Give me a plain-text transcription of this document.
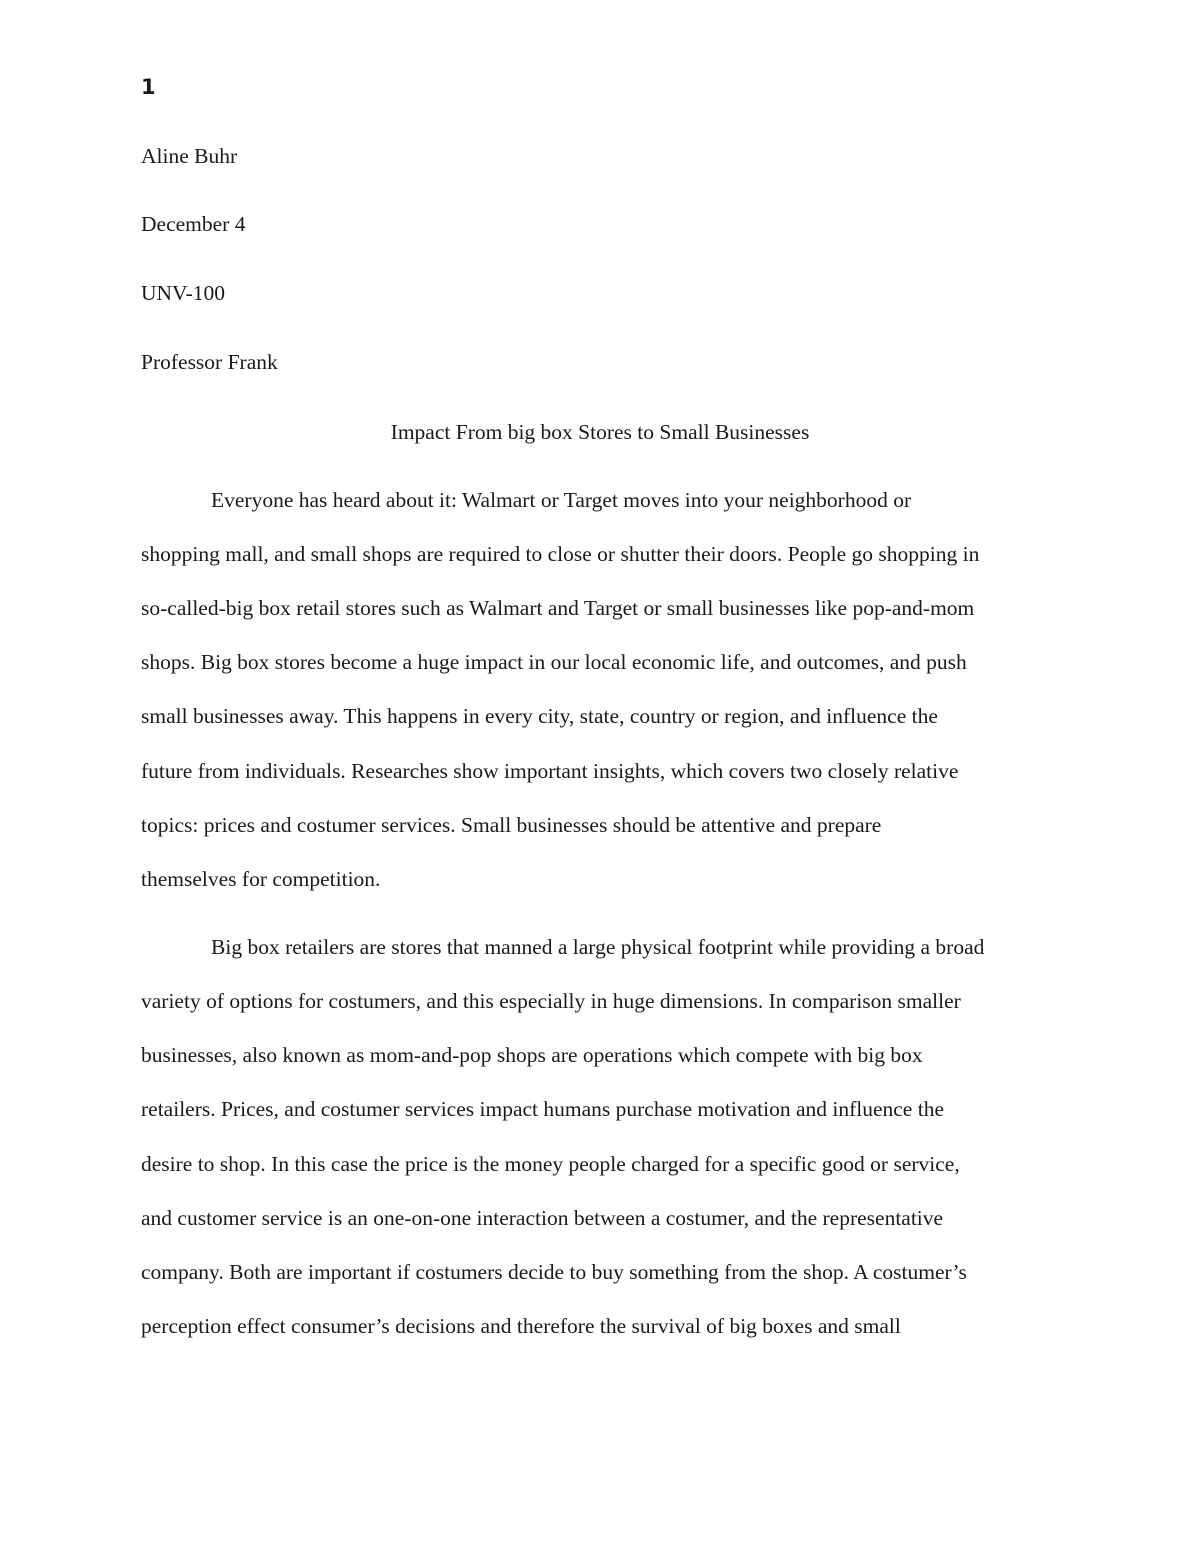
1
Aline Buhr
December 4
UNV-100
Professor Frank
Impact From big box Stores to Small Businesses
Everyone has heard about it: Walmart or Target moves into your neighborhood or
shopping mall, and small shops are required to close or shutter their doors. People go shopping in
so-called-big box retail stores such as Walmart and Target or small businesses like pop-and-mom
shops. Big box stores become a huge impact in our local economic life, and outcomes, and push
small businesses away. This happens in every city, state, country or region, and influence the
future from individuals. Researches show important insights, which covers two closely relative
topics: prices and costumer services. Small businesses should be attentive and prepare
themselves for competition.
Big box retailers are stores that manned a large physical footprint while providing a broad
variety of options for costumers, and this especially in huge dimensions. In comparison smaller
businesses, also known as mom-and-pop shops are operations which compete with big box
retailers. Prices, and costumer services impact humans purchase motivation and influence the
desire to shop. In this case the price is the money people charged for a specific good or service,
and customer service is an one-on-one interaction between a costumer, and the representative
company. Both are important if costumers decide to buy something from the shop. A costumer’s
perception effect consumer’s decisions and therefore the survival of big boxes and small
